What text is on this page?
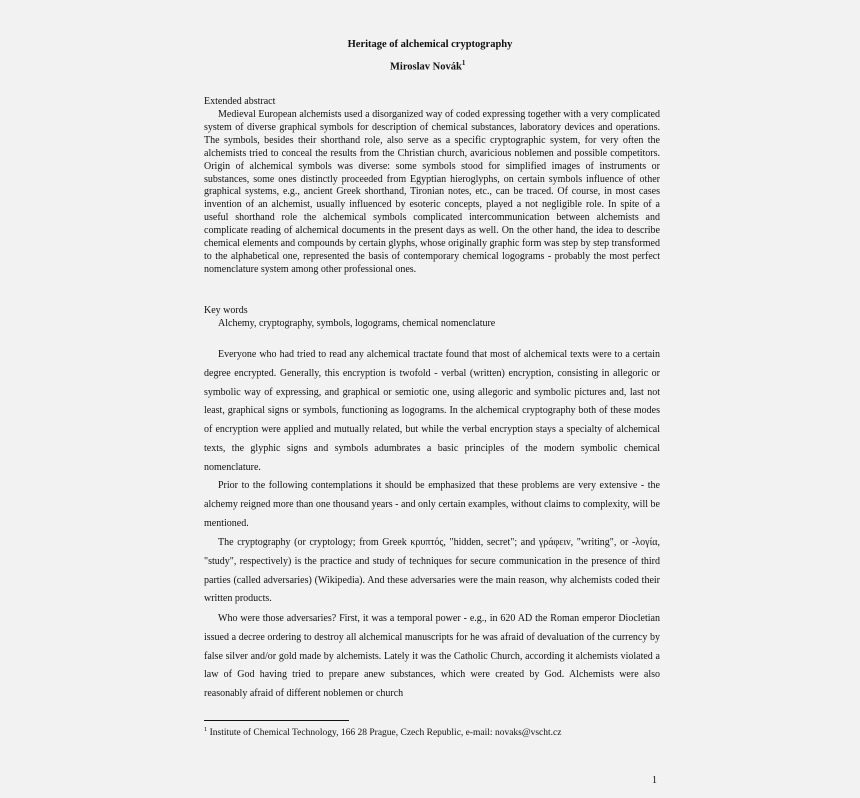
Heritage of alchemical cryptography
Miroslav Novák$^1$
Extended abstract
Medieval European alchemists used a disorganized way of coded expressing together with a very complicated system of diverse graphical symbols for description of chemical substances, laboratory devices and operations. The symbols, besides their shorthand role, also serve as a specific cryptographic system, for very often the alchemists tried to conceal the results from the Christian church, avaricious noblemen and possible competitors. Origin of alchemical symbols was diverse: some symbols stood for simplified images of instruments or substances, some ones distinctly proceeded from Egyptian hieroglyphs, on certain symbols influence of other graphical systems, e.g., ancient Greek shorthand, Tironian notes, etc., can be traced. Of course, in most cases invention of an alchemist, usually influenced by esoteric concepts, played a not negligible role. In spite of a useful shorthand role the alchemical symbols complicated intercommunication between alchemists and complicate reading of alchemical documents in the present days as well. On the other hand, the idea to describe chemical elements and compounds by certain glyphs, whose originally graphic form was step by step transformed to the alphabetical one, represented the basis of contemporary chemical logograms - probably the most perfect nomenclature system among other professional ones.
Key words
Alchemy, cryptography, symbols, logograms, chemical nomenclature

Everyone who had tried to read any alchemical tractate found that most of alchemical texts were to a certain degree encrypted. Generally, this encryption is twofold - verbal (written) encryption, consisting in allegoric or symbolic way of expressing, and graphical or semiotic one, using allegoric and symbolic pictures and, last not least, graphical signs or symbols, functioning as logograms. In the alchemical cryptography both of these modes of encryption were applied and mutually related, but while the verbal encryption stays a specialty of alchemical texts, the glyphic signs and symbols adumbrates a basic principles of the modern symbolic chemical nomenclature.

Prior to the following contemplations it should be emphasized that these problems are very extensive - the alchemy reigned more than one thousand years - and only certain examples, without claims to complexity, will be mentioned.

The cryptography (or cryptology; from Greek κρυπτός, "hidden, secret"; and γράφειν, "writing", or -λογία, "study", respectively) is the practice and study of techniques for secure communication in the presence of third parties (called adversaries) (Wikipedia). And these adversaries were the main reason, why alchemists coded their written products.

Who were those adversaries? First, it was a temporal power - e.g., in 620 AD the Roman emperor Diocletian issued a decree ordering to destroy all alchemical manuscripts for he was afraid of devaluation of the currency by false silver and/or gold made by alchemists. Lately it was the Catholic Church, according it alchemists violated a law of God having tried to prepare anew substances, which were created by God. Alchemists were also reasonably afraid of different noblemen or church

$^1$ Institute of Chemical Technology, 166 28 Prague, Czech Republic, e-mail: novaks@vscht.cz
1
